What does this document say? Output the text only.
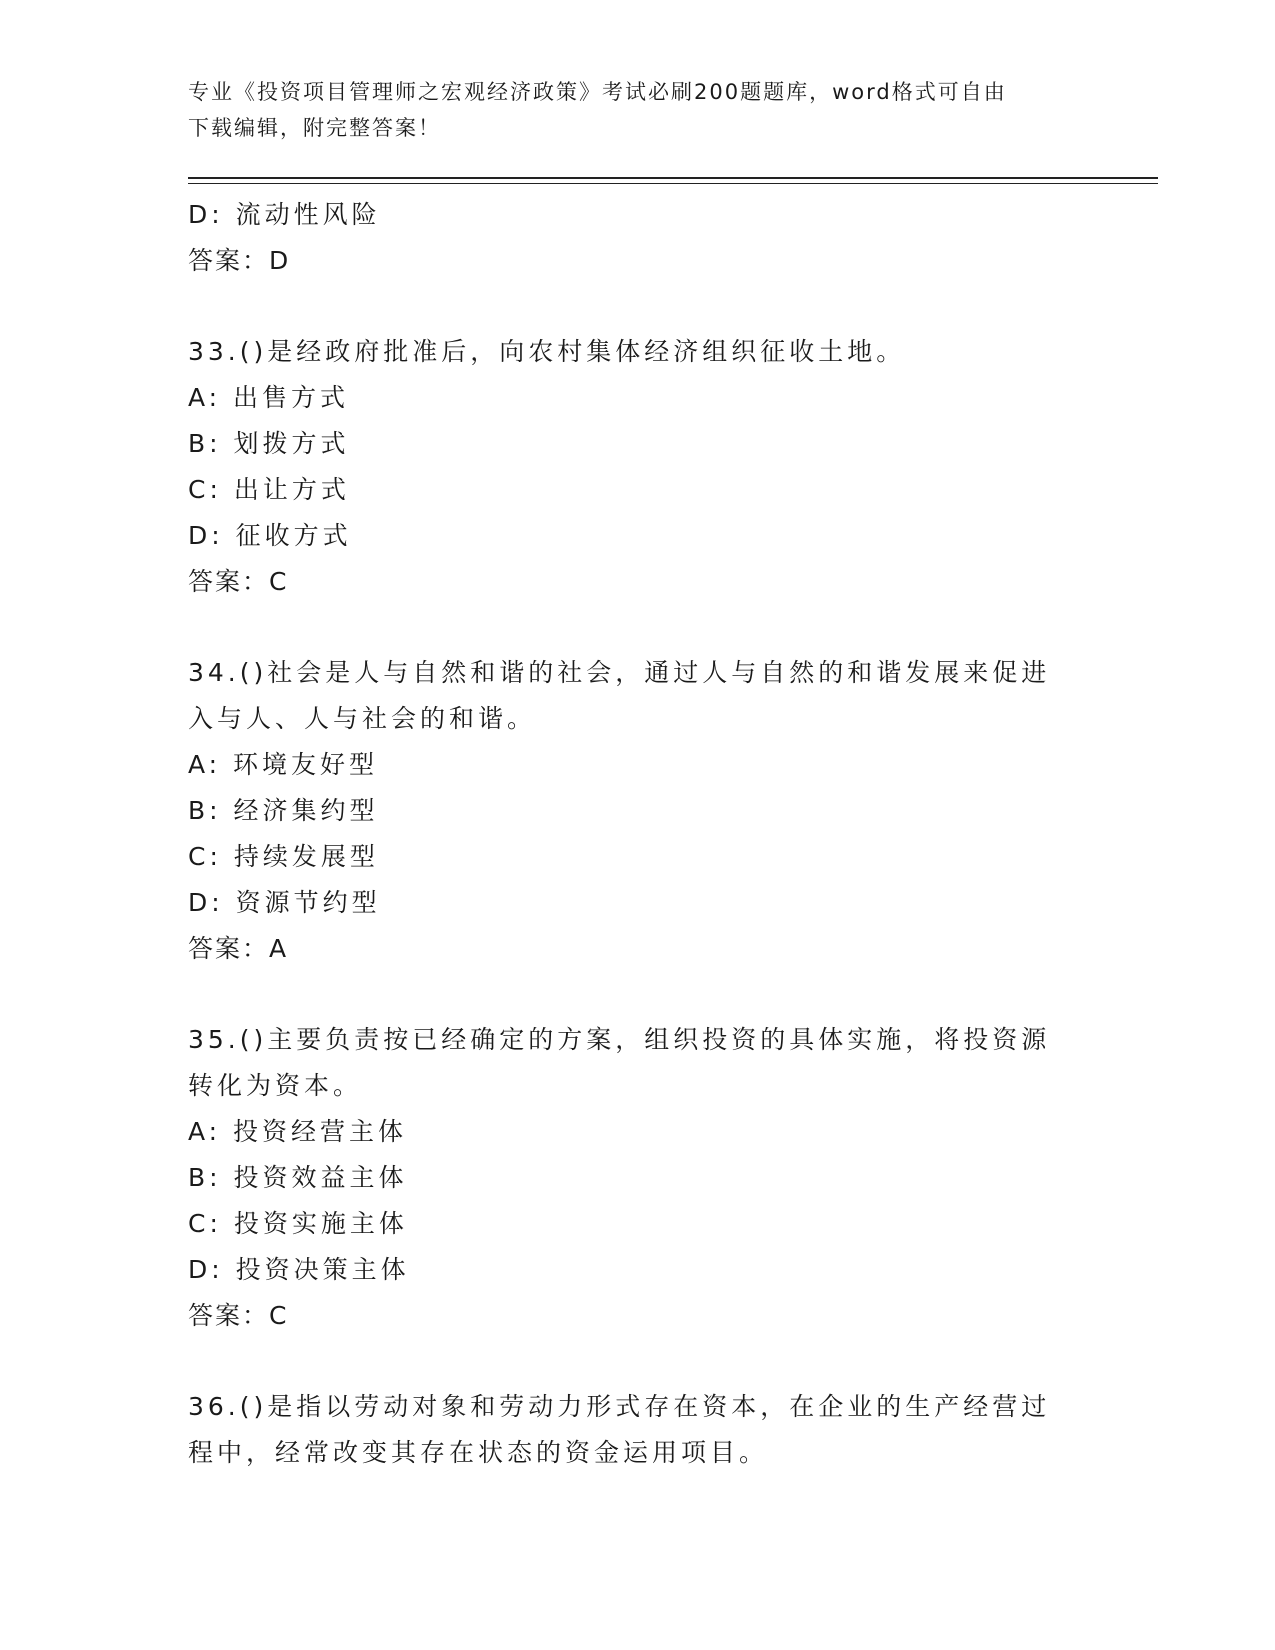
专业《投资项目管理师之宏观经济政策》考试必刷200题题库，word格式可自由
下载编辑，附完整答案！
D: 流动性风险
答案：D
33.()是经政府批准后，向农村集体经济组织征收土地。
A: 出售方式
B: 划拨方式
C: 出让方式
D: 征收方式
答案：C
34.()社会是人与自然和谐的社会，通过人与自然的和谐发展来促进入与人、人与社会的和谐。
A: 环境友好型
B: 经济集约型
C: 持续发展型
D: 资源节约型
答案：A
35.()主要负责按已经确定的方案，组织投资的具体实施，将投资源转化为资本。
A: 投资经营主体
B: 投资效益主体
C: 投资实施主体
D: 投资决策主体
答案：C
36.()是指以劳动对象和劳动力形式存在资本，在企业的生产经营过程中，经常改变其存在状态的资金运用项目。
